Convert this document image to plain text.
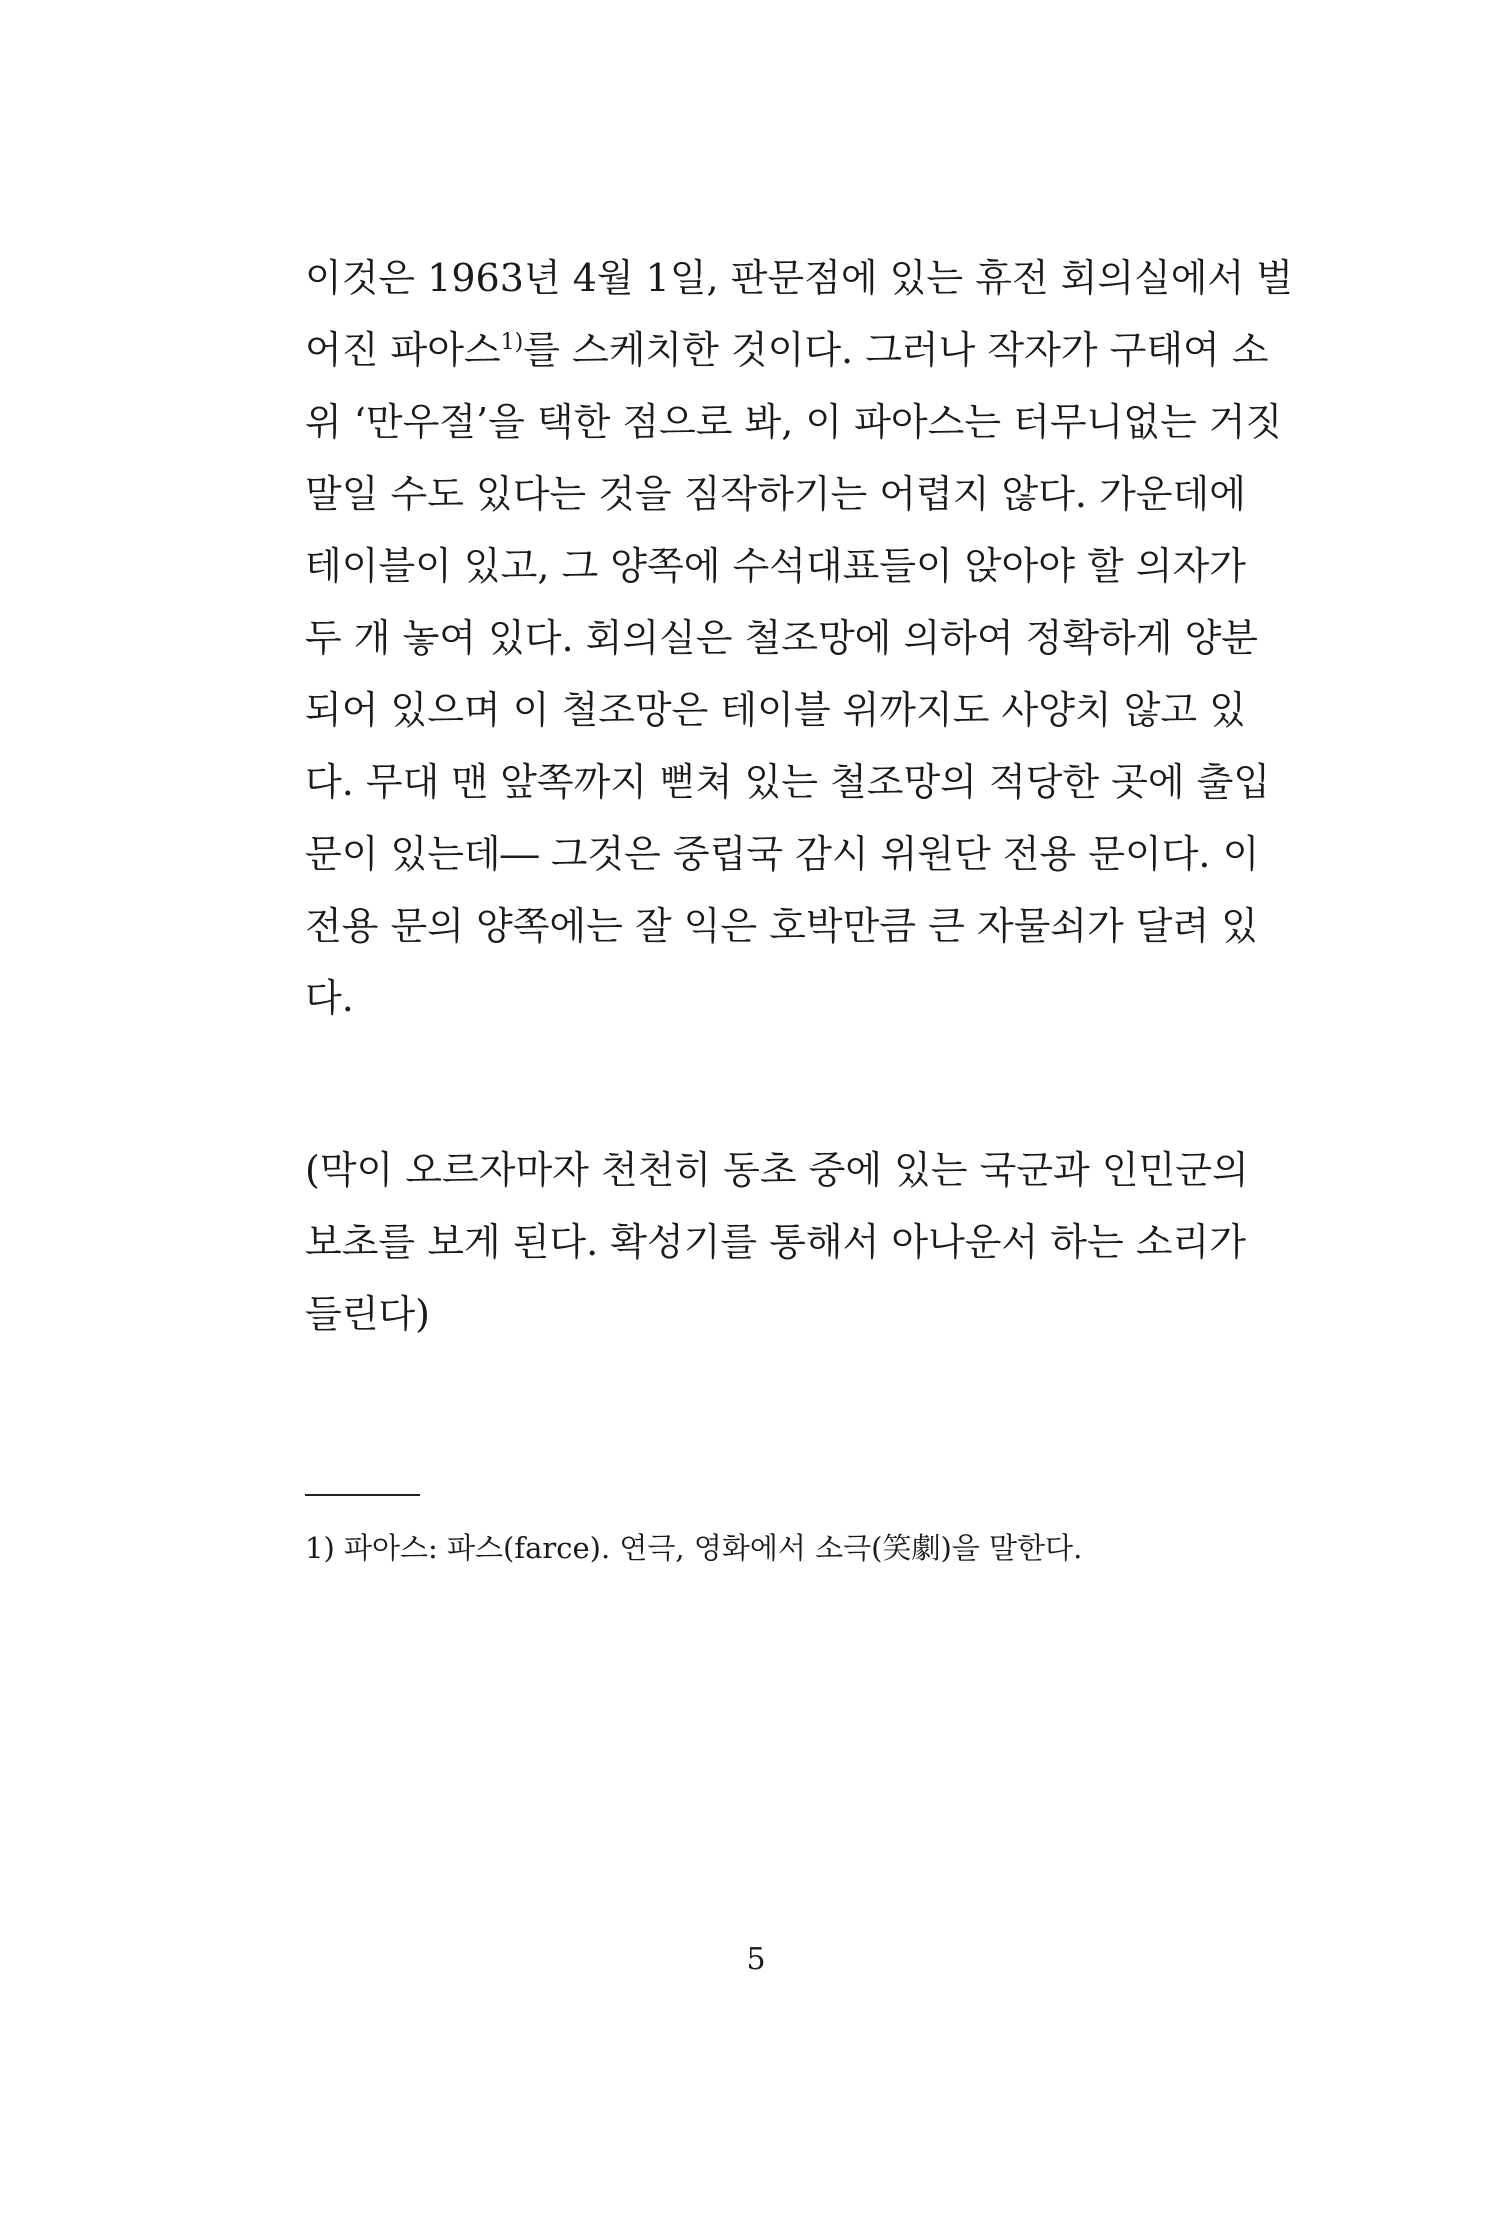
이것은 1963년 4월 1일, 판문점에 있는 휴전 회의실에서 벌
어진 파아스$^{1)}$를 스케치한 것이다. 그러나 작자가 구태여 소
위 ‘만우절’을 택한 점으로 봐, 이 파아스는 터무니없는 거짓
말일 수도 있다는 것을 짐작하기는 어렵지 않다. 가운데에
테이블이 있고, 그 양쪽에 수석대표들이 앉아야 할 의자가
두 개 놓여 있다. 회의실은 철조망에 의하여 정확하게 양분
되어 있으며 이 철조망은 테이블 위까지도 사양치 않고 있
다. 무대 맨 앞쪽까지 뻗쳐 있는 철조망의 적당한 곳에 출입
문이 있는데― 그것은 중립국 감시 위원단 전용 문이다. 이
전용 문의 양쪽에는 잘 익은 호박만큼 큰 자물쇠가 달려 있
다.
(막이 오르자마자 천천히 동초 중에 있는 국군과 인민군의
보초를 보게 된다. 확성기를 통해서 아나운서 하는 소리가
들린다)
1) 파아스: 파스(farce). 연극, 영화에서 소극(笑劇)을 말한다.
5
